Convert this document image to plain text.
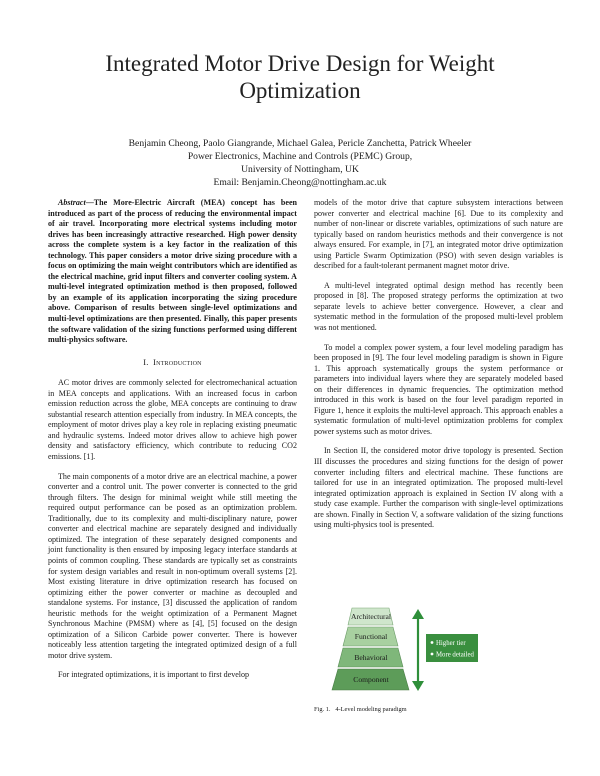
Integrated Motor Drive Design for Weight Optimization
Benjamin Cheong, Paolo Giangrande, Michael Galea, Pericle Zanchetta, Patrick Wheeler
Power Electronics, Machine and Controls (PEMC) Group,
University of Nottingham, UK
Email: Benjamin.Cheong@nottingham.ac.uk

Abstract—The More-Electric Aircraft (MEA) concept has been introduced as part of the process of reducing the environmental impact of air travel. Incorporating more electrical systems including motor drives has been increasingly attractive researched. High power density across the complete system is a key factor in the realization of this technology. This paper considers a motor drive sizing procedure with a focus on optimizing the main weight contributors which are identified as the electrical machine, grid input filters and converter cooling system. A multi-level integrated optimization method is then proposed, followed by an example of its application incorporating the sizing procedure above. Comparison of results between single-level optimizations and multi-level optimizations are then presented. Finally, this paper presents the software validation of the sizing functions performed using different multi-physics software.

I. Introduction

AC motor drives are commonly selected for electromechanical actuation in MEA concepts and applications. With an increased focus in carbon emission reduction across the globe, MEA concepts are continuing to draw substantial research attention especially from industry. In MEA concepts, the employment of motor drives play a key role in replacing existing pneumatic and hydraulic systems. Indeed motor drives allow to achieve high power density and satisfactory efficiency, which contribute to reducing CO2 emissions. [1].

The main components of a motor drive are an electrical machine, a power converter and a control unit. The power converter is connected to the grid through filters. The design for minimal weight while still meeting the required output performance can be posed as an optimization problem. Traditionally, due to its complexity and multi-disciplinary nature, power converter and electrical machine are separately designed and individually optimized. The integration of these separately designed components and joint functionality is then ensured by imposing legacy interface standards at points of common coupling. These standards are typically set as constraints for system design variables and result in non-optimum overall systems [2]. Most existing literature in drive optimization research has focused on optimizing either the power converter or machine as decoupled and standalone systems. For instance, [3] discussed the application of random heuristic methods for the weight optimization of a Permanent Magnet Synchronous Machine (PMSM) where as [4], [5] focused on the design optimization of a Silicon Carbide power converter. There is however noticeably less attention targeting the integrated optimized design of a full motor drive system.

For integrated optimizations, it is important to first develop

models of the motor drive that capture subsystem interactions between power converter and electrical machine [6]. Due to its complexity and number of non-linear or discrete variables, optimizations of such nature are typically based on random heuristics methods and their convergence is not always ensured. For example, in [7], an integrated motor drive optimization using Particle Swarm Optimization (PSO) with seven design variables is described for a fault-tolerant permanent magnet motor drive.

A multi-level integrated optimal design method has recently been proposed in [8]. The proposed strategy performs the optimization at two separate levels to achieve better convergence. However, a clear and systematic method in the formulation of the proposed multi-level problem was not mentioned.

To model a complex power system, a four level modeling paradigm has been proposed in [9]. The four level modeling paradigm is shown in Figure 1. This approach systematically groups the system performance or parameters into individual layers where they are separately modeled based on their differences in dynamic frequencies. The optimization method introduced in this work is based on the four level paradigm reported in Figure 1, hence it exploits the multi-level approach. This approach enables a systematic formulation of multi-level optimization problems for complex power systems such as motor drives.

In Section II, the considered motor drive topology is presented. Section III discusses the procedures and sizing functions for the design of power converter including filters and electrical machine. These functions are tailored for use in an integrated optimization. The proposed multi-level integrated optimization approach is explained in Section IV along with a study case example. Further the comparison with single-level optimizations are shown. Finally in Section V, a software validation of the sizing functions using multi-physics tool is presented.

Architectural
Functional
Behavioral
Component
Higher tier
More detailed
Fig. 1. 4-Level modeling paradigm
